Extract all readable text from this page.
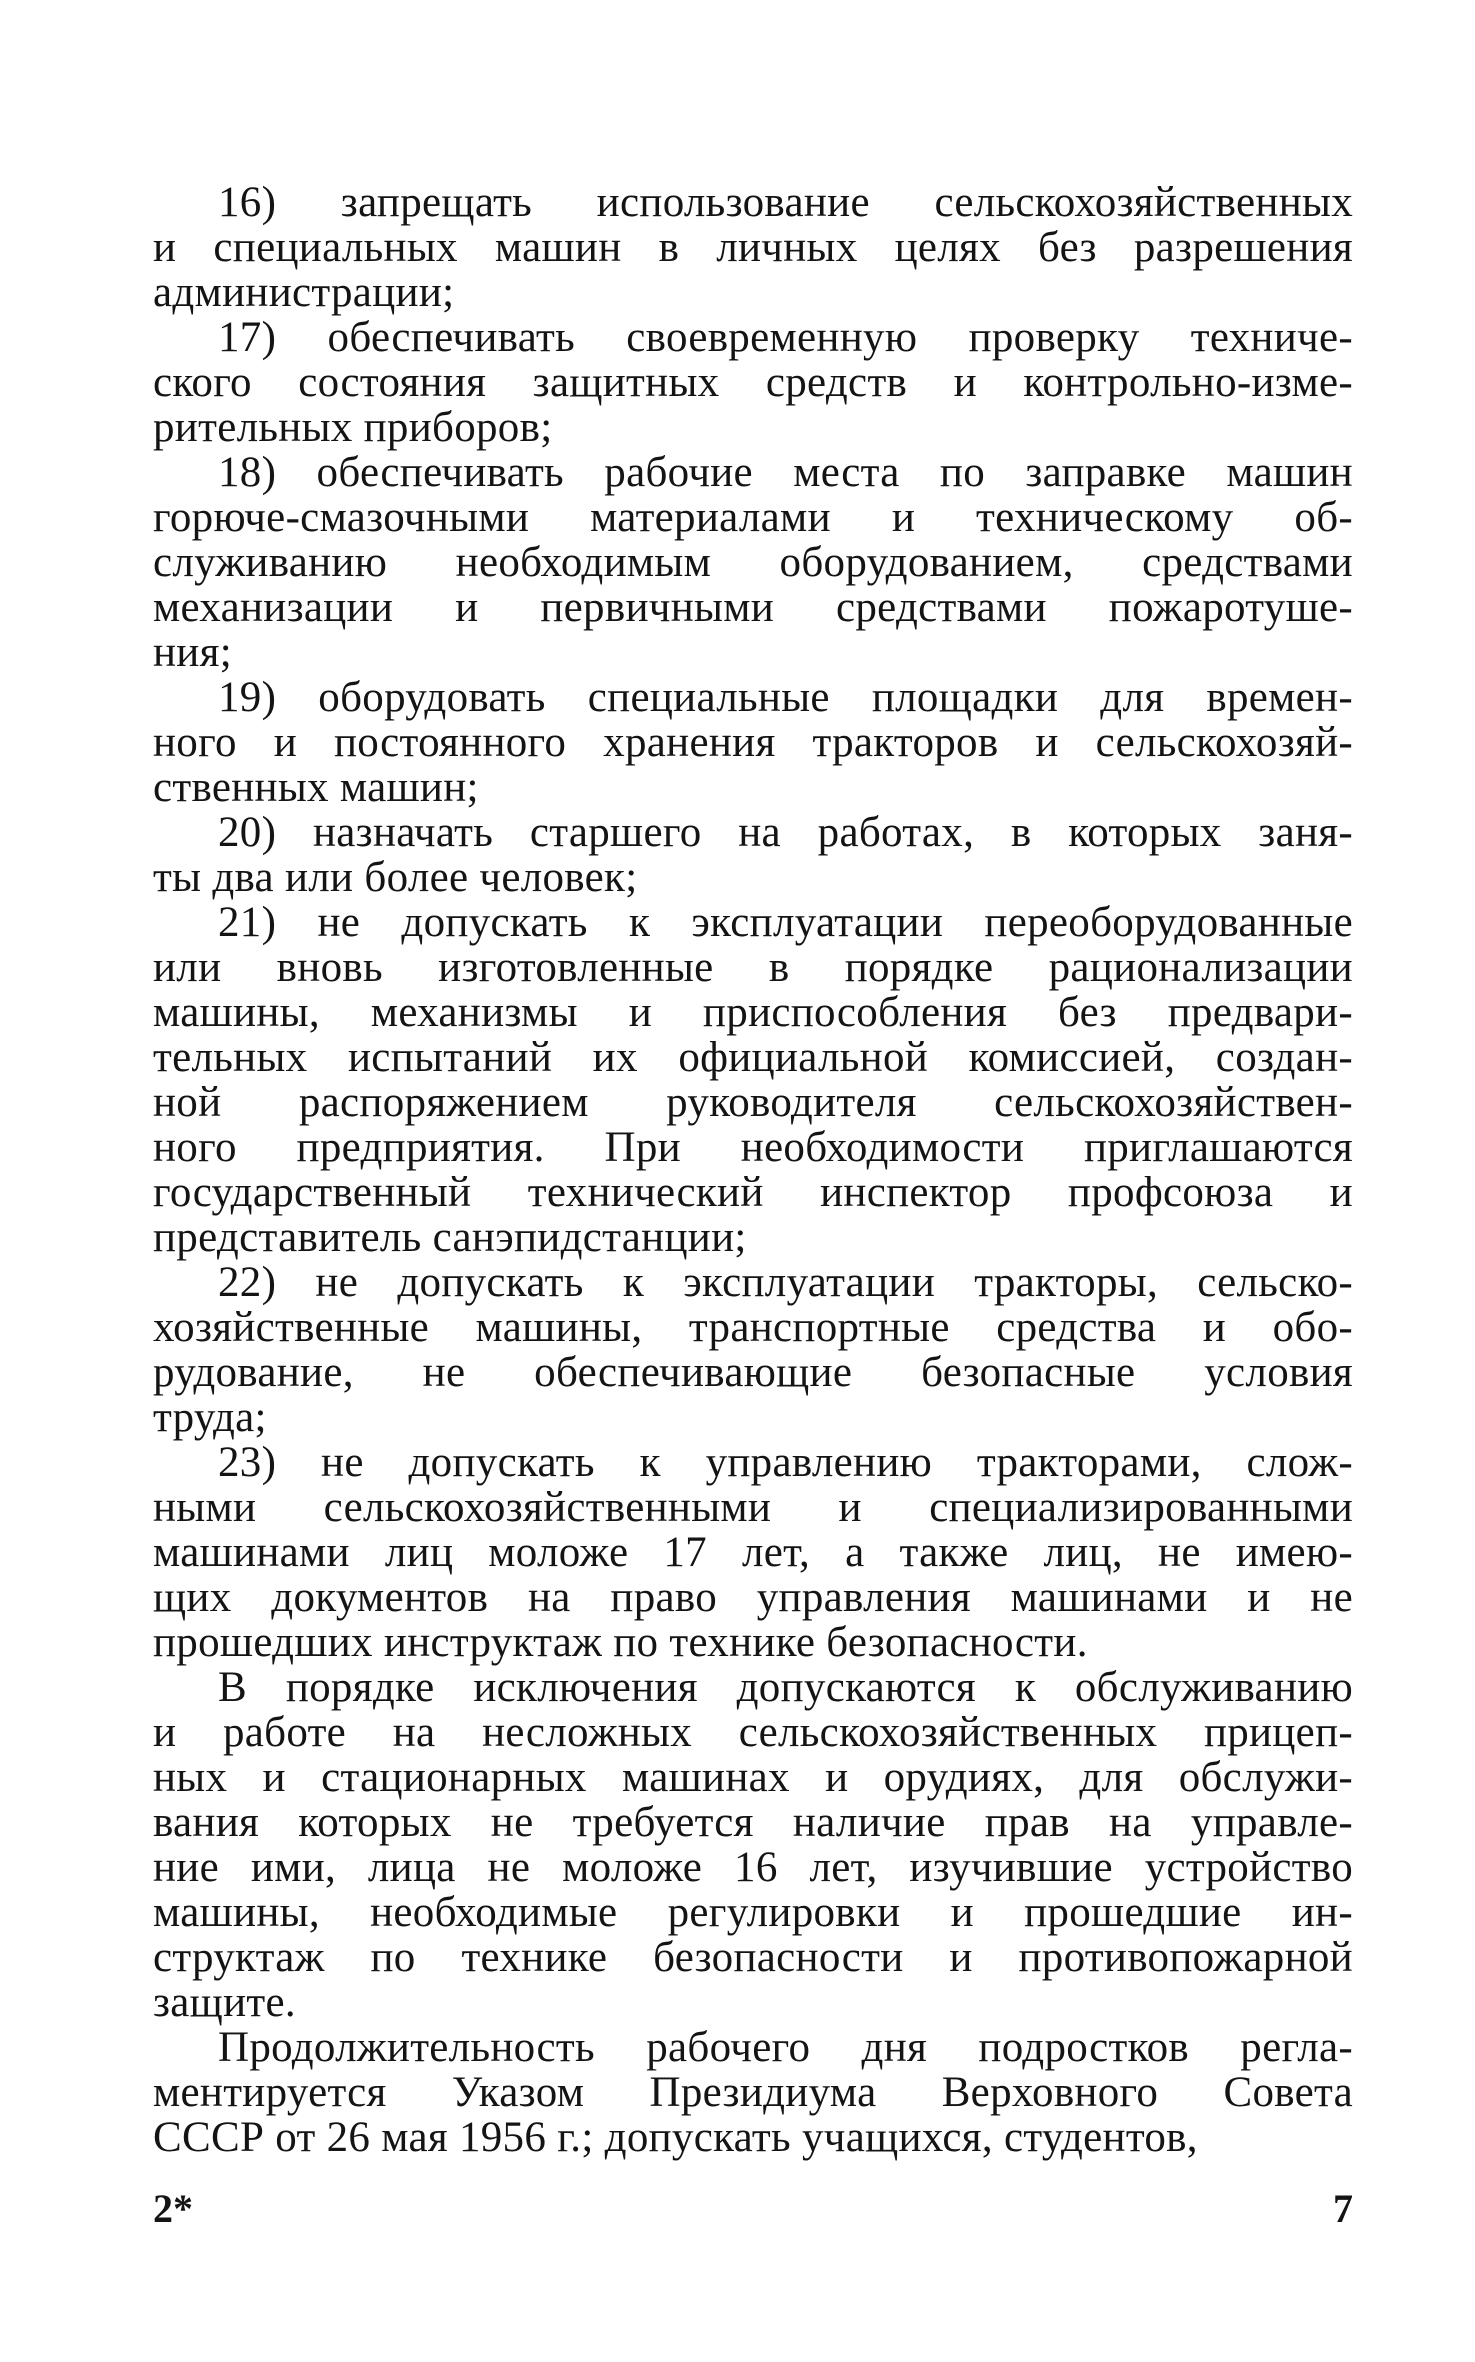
16) запрещать использование сельскохозяйственных
и специальных машин в личных целях без разрешения
администрации;
17) обеспечивать своевременную проверку техниче-
ского состояния защитных средств и контрольно-изме-
рительных приборов;
18) обеспечивать рабочие места по заправке машин
горюче-смазочными материалами и техническому об-
служиванию необходимым оборудованием, средствами
механизации и первичными средствами пожаротуше-
ния;
19) оборудовать специальные площадки для времен-
ного и постоянного хранения тракторов и сельскохозяй-
ственных машин;
20) назначать старшего на работах, в которых заня-
ты два или более человек;
21) не допускать к эксплуатации переоборудованные
или вновь изготовленные в порядке рационализации
машины, механизмы и приспособления без предвари-
тельных испытаний их официальной комиссией, создан-
ной распоряжением руководителя сельскохозяйствен-
ного предприятия. При необходимости приглашаются
государственный технический инспектор профсоюза и
представитель санэпидстанции;
22) не допускать к эксплуатации тракторы, сельско-
хозяйственные машины, транспортные средства и обо-
рудование, не обеспечивающие безопасные условия
труда;
23) не допускать к управлению тракторами, слож-
ными сельскохозяйственными и специализированными
машинами лиц моложе 17 лет, а также лиц, не имею-
щих документов на право управления машинами и не
прошедших инструктаж по технике безопасности.
В порядке исключения допускаются к обслуживанию
и работе на несложных сельскохозяйственных прицеп-
ных и стационарных машинах и орудиях, для обслужи-
вания которых не требуется наличие прав на управле-
ние ими, лица не моложе 16 лет, изучившие устройство
машины, необходимые регулировки и прошедшие ин-
структаж по технике безопасности и противопожарной
защите.
Продолжительность рабочего дня подростков регла-
ментируется Указом Президиума Верховного Совета
СССР от 26 мая 1956 г.; допускать учащихся, студентов,
2*	7
